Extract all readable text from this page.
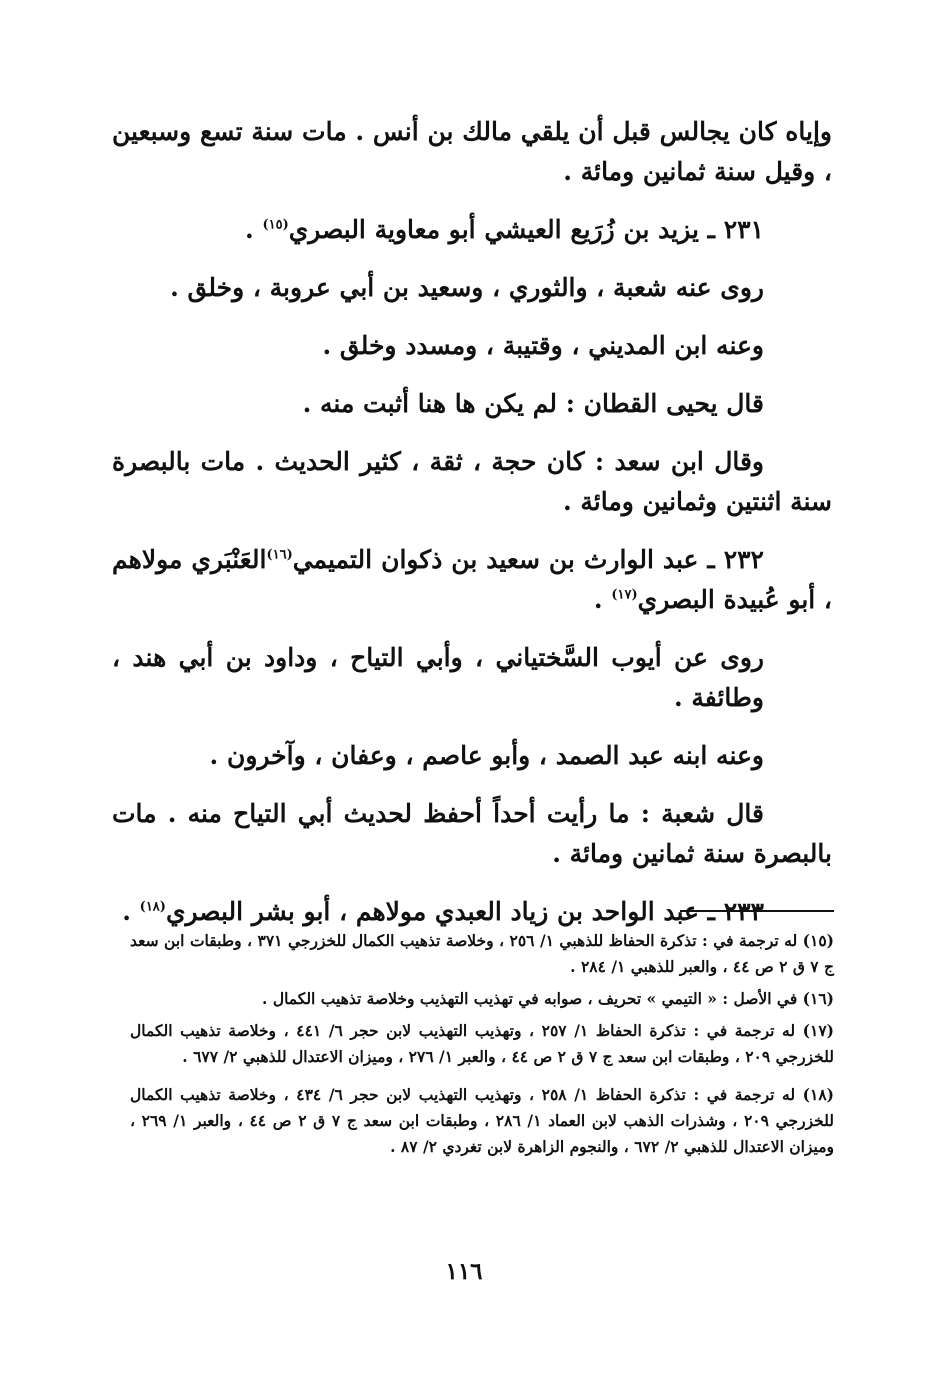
وإياه كان يجالس قبل أن يلقي مالك بن أنس . مات سنة تسع وسبعين ، وقيل سنة ثمانين ومائة .

٢٣١ ـ يزيد بن زُرَيع العيشي أبو معاوية البصري$^{(١٥)}$ .

روى عنه شعبة ، والثوري ، وسعيد بن أبي عروبة ، وخلق .

وعنه ابن المديني ، وقتيبة ، ومسدد وخلق .

قال يحيى القطان : لم يكن ها هنا أثبت منه .

وقال ابن سعد : كان حجة ، ثقة ، كثير الحديث . مات بالبصرة سنة اثنتين وثمانين ومائة .

٢٣٢ ـ عبد الوارث بن سعيد بن ذكوان التميمي$^{(١٦)}$العَنْبَري مولاهم ، أبو عُبيدة البصري$^{(١٧)}$ .

روى عن أيوب السَّختياني ، وأبي التياح ، وداود بن أبي هند ، وطائفة .

وعنه ابنه عبد الصمد ، وأبو عاصم ، وعفان ، وآخرون .

قال شعبة : ما رأيت أحداً أحفظ لحديث أبي التياح منه . مات بالبصرة سنة ثمانين ومائة .

٢٣٣ ـ عبد الواحد بن زياد العبدي مولاهم ، أبو بشر البصري$^{(١٨)}$ .

(١٥) له ترجمة في : تذكرة الحفاظ للذهبي ١/ ٢٥٦ ، وخلاصة تذهيب الكمال للخزرجي ٣٧١ ، وطبقات ابن سعد ج ٧ ق ٢ ص ٤٤ ، والعبر للذهبي ١/ ٢٨٤ .

(١٦) في الأصل : « التيمي » تحريف ، صوابه في تهذيب التهذيب وخلاصة تذهيب الكمال .

(١٧) له ترجمة في : تذكرة الحفاظ ١/ ٢٥٧ ، وتهذيب التهذيب لابن حجر ٦/ ٤٤١ ، وخلاصة تذهيب الكمال للخزرجي ٢٠٩ ، وطبقات ابن سعد ج ٧ ق ٢ ص ٤٤ ، والعبر ١/ ٢٧٦ ، وميزان الاعتدال للذهبي ٢/ ٦٧٧ .

(١٨) له ترجمة في : تذكرة الحفاظ ١/ ٢٥٨ ، وتهذيب التهذيب لابن حجر ٦/ ٤٣٤ ، وخلاصة تذهيب الكمال للخزرجي ٢٠٩ ، وشذرات الذهب لابن العماد ١/ ٢٨٦ ، وطبقات ابن سعد ج ٧ ق ٢ ص ٤٤ ، والعبر ١/ ٢٦٩ ، وميزان الاعتدال للذهبي ٢/ ٦٧٢ ، والنجوم الزاهرة لابن تغردي ٢/ ٨٧ .

١١٦
